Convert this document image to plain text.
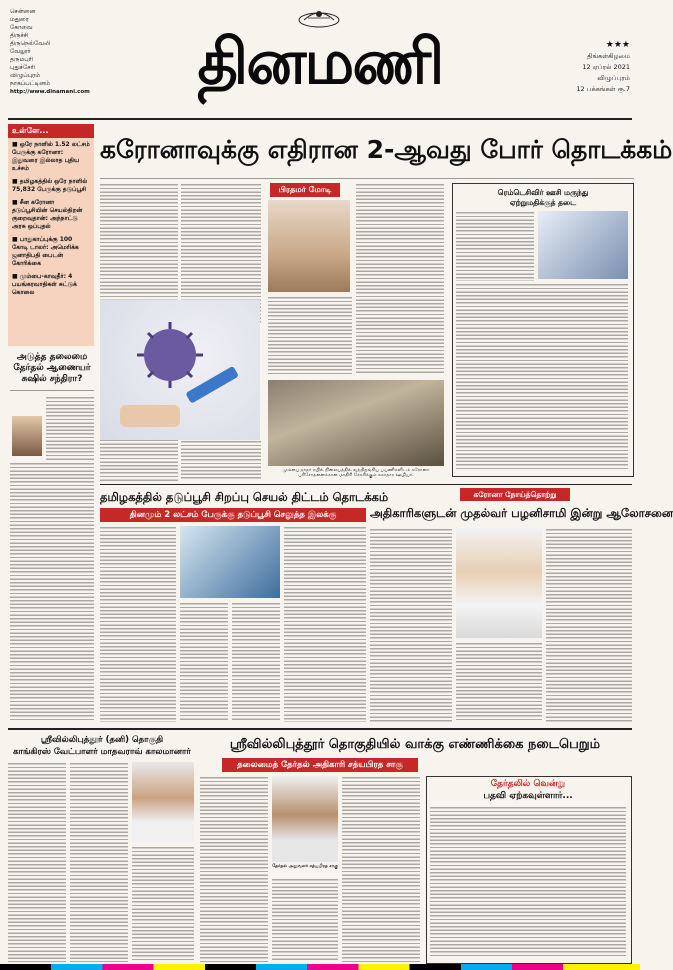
சென்னை
மதுரை
கோவை
திருச்சி
திருநெல்வேலி
வேலூர்
தருமபுரி
புதுச்சேரி
விழுப்புரம்
நாகப்பட்டினம்
http://www.dinamani.com தினமணி	★★★
திங்கள்கிழமை
12 ஏப்ரல் 2021
விழுப்புரம்
12 பக்கங்கள் ரூ.7
உள்ளே...
■ ஒரே நாளில் 1.52 லட்சம் பேருக்கு கரோனா: இதுவரை இல்லாத புதிய உச்சம்
■ தமிழகத்தில் ஒரே நாளில் 75,832 பேருக்கு தடுப்பூசி
■ சீன கரோனா தடுப்பூசியின் செயல்திறன் குறைவுதான்: அந்நாட்டு அரசு ஒப்புதல்
■ பாதுகாப்புக்கு 100 கோடி டாலர்: அமெரிக்க ஜனாதிபதி பைடன் கோரிக்கை
■ மும்பை-காவுதீர்: 4 பயங்கரவாதிகள் சுட்டுக் கொலை
அடுத்த தலைமை தேர்தல் ஆணையர் சுஷில் சந்திரா?
கரோனாவுக்கு எதிரான 2-ஆவது போர் தொடக்கம்
பிரதமர் மோடி
மும்பை தாதர் ரயில் நிலையத்தில் வந்திறங்கிய பயணிகளிடம் கரோனா பரிசோதனைக்கான மாதிரி சேகரிக்கும் சுகாதார ஊழியர்.
ரெம்டெசிவிர் ஊசி மருந்து
ஏற்றுமதிக்குத் தடை
தமிழகத்தில் தடுப்பூசி சிறப்பு செயல் திட்டம் தொடக்கம்
தினமும் 2 லட்சம் பேருக்கு தடுப்பூசி செலுத்த இலக்கு
கரோனா நோய்த்தொற்று
அதிகாரிகளுடன் முதல்வர் பழனிசாமி இன்று ஆலோசனை
ஸ்ரீவில்லிபுத்தூர் (தனி) தொகுதி
காங்கிரஸ் வேட்பாளர் மாதவராவ் காலமானார்	ஸ்ரீவில்லிபுத்தூர் தொகுதியில் வாக்கு எண்ணிக்கை நடைபெறும்
தலைமைத் தேர்தல் அதிகாரி சத்யபிரத சாகு
தேர்தல் அலுவலர் சத்யபிரத சாகு
தேர்தலில் வென்று
பதவி ஏற்கவுள்ளார்...
